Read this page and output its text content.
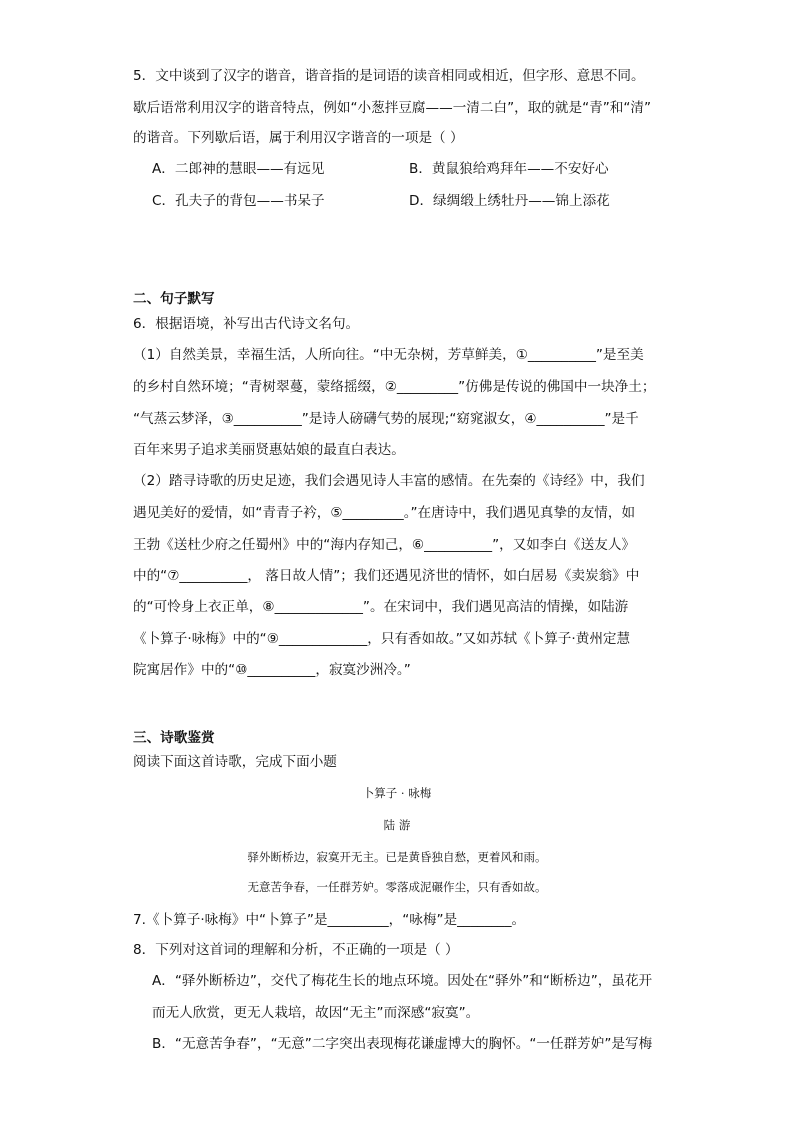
5．文中谈到了汉字的谐音，谐音指的是词语的读音相同或相近，但字形、意思不同。
歇后语常利用汉字的谐音特点，例如“小葱拌豆腐——一清二白”，取的就是“青”和“清”
的谐音。下列歇后语，属于利用汉字谐音的一项是（ ）
A．二郎神的慧眼——有远见	B．黄鼠狼给鸡拜年——不安好心
C．孔夫子的背包——书呆子	D．绿绸缎上绣牡丹——锦上添花
二、句子默写
6．根据语境，补写出古代诗文名句。
（1）自然美景，幸福生活，人所向往。“中无杂树，芳草鲜美，①__________”是至美
的乡村自然环境；“青树翠蔓，蒙络摇缀，②_________”仿佛是传说的佛国中一块净土；
“气蒸云梦泽，③__________”是诗人磅礴气势的展现;“窈窕淑女，④__________”是千
百年来男子追求美丽贤惠姑娘的最直白表达。
（2）踏寻诗歌的历史足迹，我们会遇见诗人丰富的感情。在先秦的《诗经》中，我们
遇见美好的爱情，如“青青子衿，⑤_________。”在唐诗中，我们遇见真挚的友情，如
王勃《送杜少府之任蜀州》中的“海内存知己，⑥__________”，又如李白《送友人》
中的“⑦__________， 落日故人情”；我们还遇见济世的情怀，如白居易《卖炭翁》中
的“可怜身上衣正单，⑧_____________”。在宋词中，我们遇见高洁的情操，如陆游
《卜算子·咏梅》中的“⑨_____________，只有香如故。”又如苏轼《卜算子·黄州定慧
院寓居作》中的“⑩__________，寂寞沙洲冷。”
三、诗歌鉴赏
阅读下面这首诗歌，完成下面小题
卜算子 · 咏梅
陆 游
驿外断桥边，寂寞开无主。已是黄昏独自愁，更着风和雨。
无意苦争春，一任群芳妒。零落成泥碾作尘，只有香如故。
7.《卜算子·咏梅》中“卜算子”是_________，“咏梅”是________。
8．下列对这首词的理解和分析，不正确的一项是（ ）
A．“驿外断桥边”，交代了梅花生长的地点环境。因处在“驿外”和“断桥边”，虽花开
而无人欣赏，更无人栽培，故因“无主”而深感“寂寞”。
B．“无意苦争春”，“无意”二字突出表现梅花谦虚博大的胸怀。“一任群芳妒”是写梅
